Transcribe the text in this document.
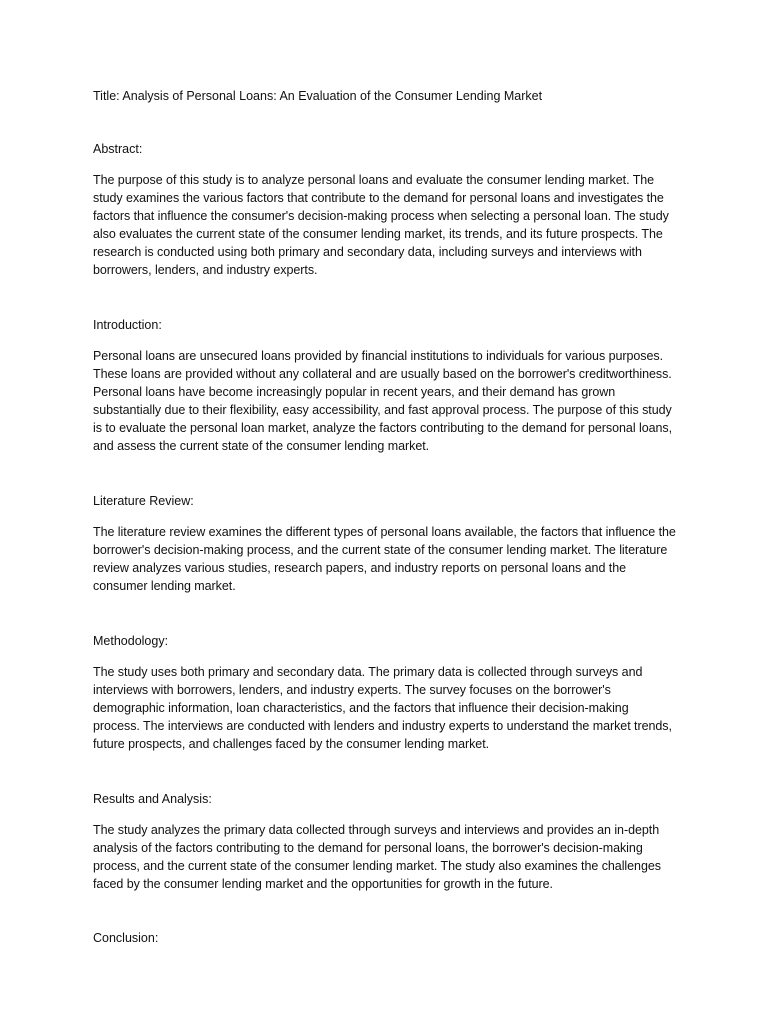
Title: Analysis of Personal Loans: An Evaluation of the Consumer Lending Market

Abstract:

The purpose of this study is to analyze personal loans and evaluate the consumer lending market. The study examines the various factors that contribute to the demand for personal loans and investigates the factors that influence the consumer's decision-making process when selecting a personal loan. The study also evaluates the current state of the consumer lending market, its trends, and its future prospects. The research is conducted using both primary and secondary data, including surveys and interviews with borrowers, lenders, and industry experts.

Introduction:

Personal loans are unsecured loans provided by financial institutions to individuals for various purposes. These loans are provided without any collateral and are usually based on the borrower's creditworthiness. Personal loans have become increasingly popular in recent years, and their demand has grown substantially due to their flexibility, easy accessibility, and fast approval process. The purpose of this study is to evaluate the personal loan market, analyze the factors contributing to the demand for personal loans, and assess the current state of the consumer lending market.

Literature Review:

The literature review examines the different types of personal loans available, the factors that influence the borrower's decision-making process, and the current state of the consumer lending market. The literature review analyzes various studies, research papers, and industry reports on personal loans and the consumer lending market.

Methodology:

The study uses both primary and secondary data. The primary data is collected through surveys and interviews with borrowers, lenders, and industry experts. The survey focuses on the borrower's demographic information, loan characteristics, and the factors that influence their decision-making process. The interviews are conducted with lenders and industry experts to understand the market trends, future prospects, and challenges faced by the consumer lending market.

Results and Analysis:

The study analyzes the primary data collected through surveys and interviews and provides an in-depth analysis of the factors contributing to the demand for personal loans, the borrower's decision-making process, and the current state of the consumer lending market. The study also examines the challenges faced by the consumer lending market and the opportunities for growth in the future.

Conclusion:
